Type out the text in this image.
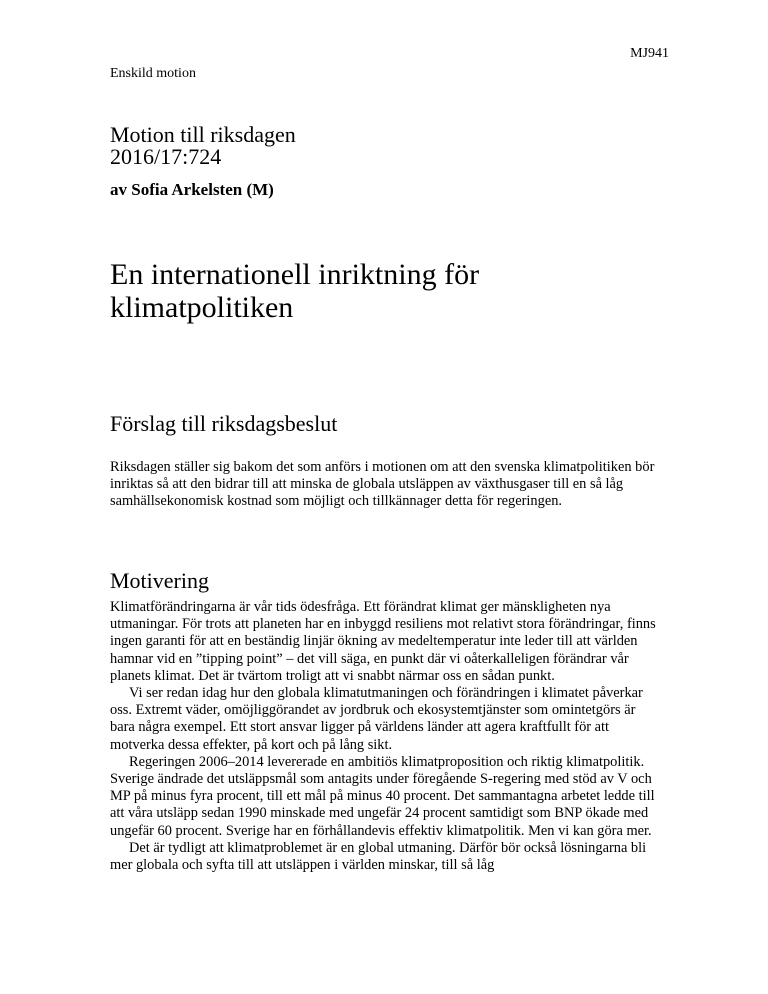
MJ941
Enskild motion
Motion till riksdagen
2016/17:724
av Sofia Arkelsten (M)
En internationell inriktning för
klimatpolitiken
Förslag till riksdagsbeslut

Riksdagen ställer sig bakom det som anförs i motionen om att den svenska klimatpolitiken bör inriktas så att den bidrar till att minska de globala utsläppen av växthusgaser till en så låg samhällsekonomisk kostnad som möjligt och tillkännager detta för regeringen.

Motivering

Klimatförändringarna är vår tids ödesfråga. Ett förändrat klimat ger mänskligheten nya utmaningar. För trots att planeten har en inbyggd resiliens mot relativt stora förändringar, finns ingen garanti för att en beständig linjär ökning av medeltemperatur inte leder till att världen hamnar vid en ”tipping point” – det vill säga, en punkt där vi oåterkalleligen förändrar vår planets klimat. Det är tvärtom troligt att vi snabbt närmar oss en sådan punkt.

Vi ser redan idag hur den globala klimatutmaningen och förändringen i klimatet påverkar oss. Extremt väder, omöjliggörandet av jordbruk och ekosystemtjänster som omintetgörs är bara några exempel. Ett stort ansvar ligger på världens länder att agera kraftfullt för att motverka dessa effekter, på kort och på lång sikt.

Regeringen 2006–2014 levererade en ambitiös klimatproposition och riktig klimatpolitik. Sverige ändrade det utsläppsmål som antagits under föregående S-regering med stöd av V och MP på minus fyra procent, till ett mål på minus 40 procent. Det sammantagna arbetet ledde till att våra utsläpp sedan 1990 minskade med ungefär 24 procent samtidigt som BNP ökade med ungefär 60 procent. Sverige har en förhållandevis effektiv klimatpolitik. Men vi kan göra mer.

Det är tydligt att klimatproblemet är en global utmaning. Därför bör också lösningarna bli mer globala och syfta till att utsläppen i världen minskar, till så låg
